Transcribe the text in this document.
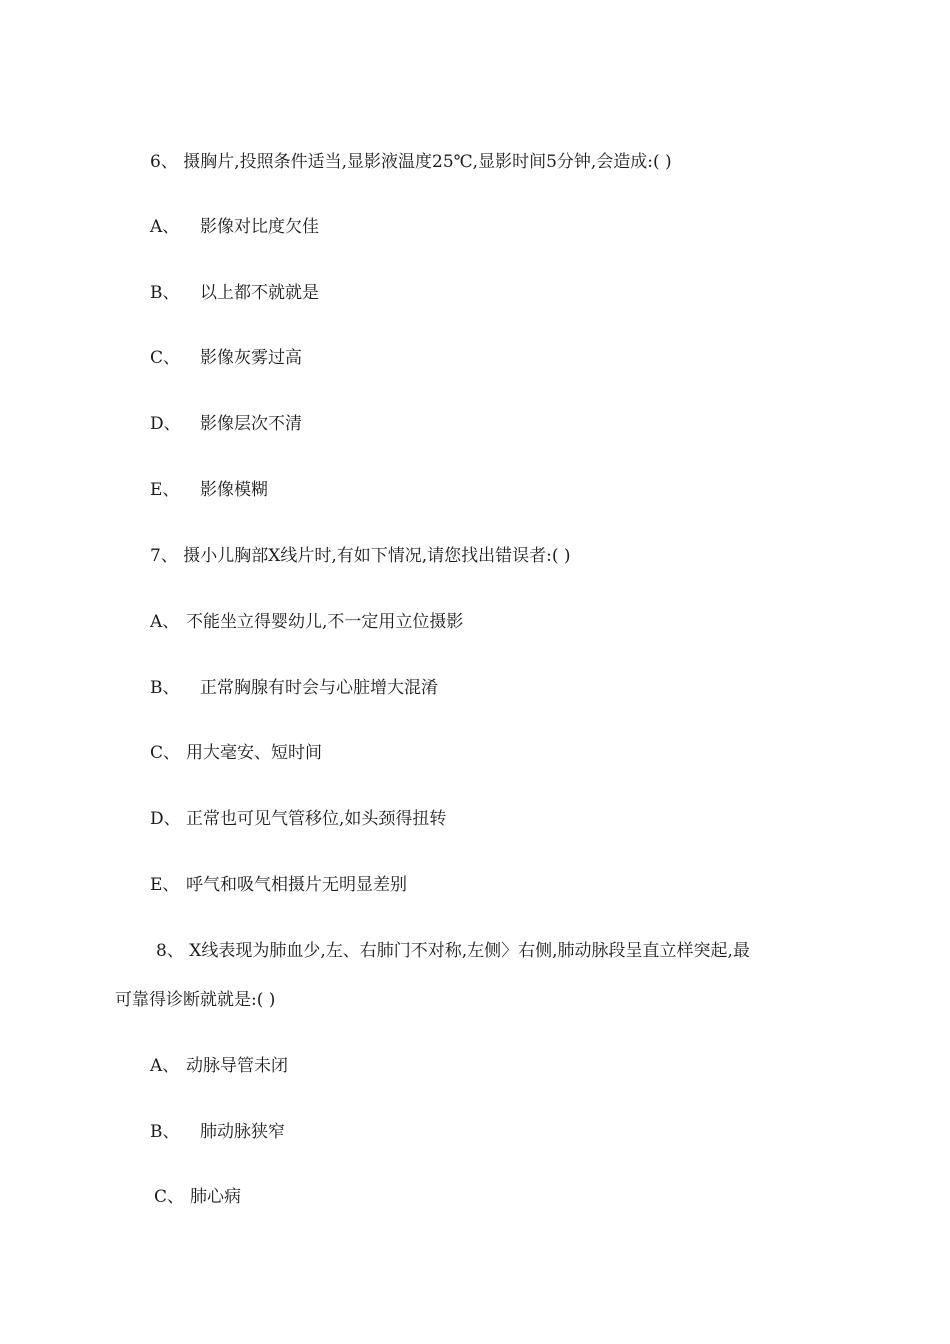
6、 摄胸片,投照条件适当,显影液温度25℃,显影时间5分钟,会造成:( )
A、 影像对比度欠佳
B、 以上都不就就是
C、 影像灰雾过高
D、 影像层次不清
E、 影像模糊
7、 摄小儿胸部X线片时,有如下情况,请您找出错误者:( )
A、 不能坐立得婴幼儿,不一定用立位摄影
B、 正常胸腺有时会与心脏增大混淆
C、 用大毫安、短时间
D、 正常也可见气管移位,如头颈得扭转
E、 呼气和吸气相摄片无明显差别
8、 X线表现为肺血少,左、右肺门不对称,左侧〉右侧,肺动脉段呈直立样突起,最
可靠得诊断就就是:( )
A、 动脉导管未闭
B、 肺动脉狭窄
C、 肺心病
